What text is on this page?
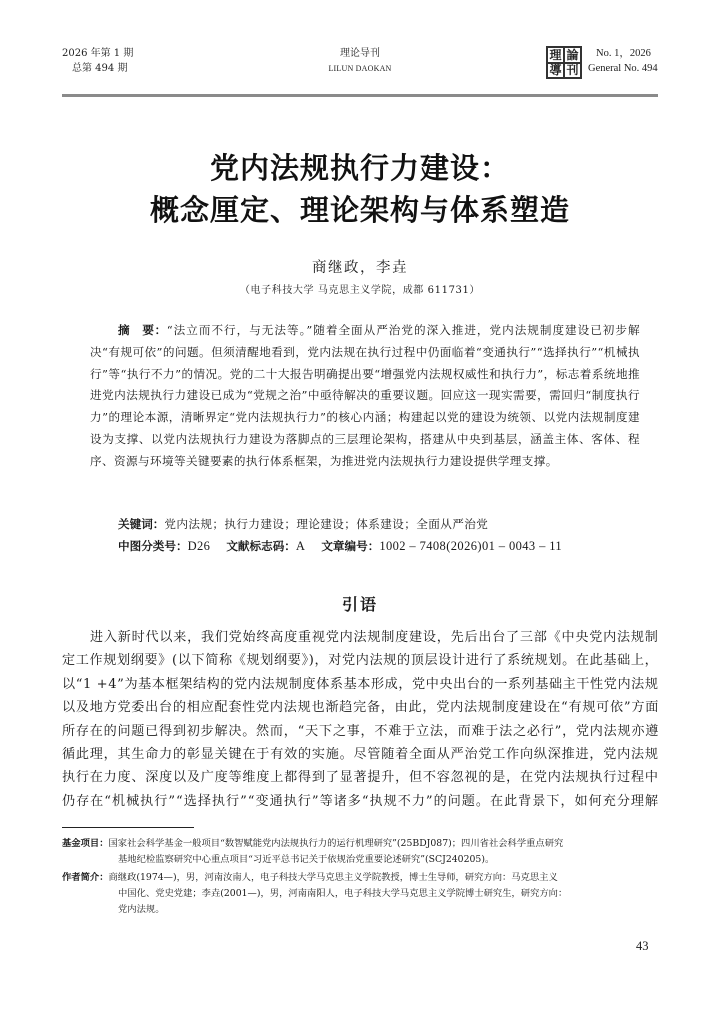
2026 年第 1 期
总第 494 期
理论导刊
LILUN DAOKAN
理 論
導 刊
No. 1，2026
General No. 494
党内法规执行力建设：
概念厘定、理论架构与体系塑造
商继政，李垚
（电子科技大学 马克思主义学院，成都 611731）

摘　要：“法立而不行，与无法等。”随着全面从严治党的深入推进，党内法规制度建设已初步解决“有规可依”的问题。但须清醒地看到，党内法规在执行过程中仍面临着“变通执行”“选择执行”“机械执行”等“执行不力”的情况。党的二十大报告明确提出要“增强党内法规权威性和执行力”，标志着系统地推进党内法规执行力建设已成为“党规之治”中亟待解决的重要议题。回应这一现实需要，需回归“制度执行力”的理论本源，清晰界定“党内法规执行力”的核心内涵；构建起以党的建设为统领、以党内法规制度建设为支撑、以党内法规执行力建设为落脚点的三层理论架构，搭建从中央到基层，涵盖主体、客体、程序、资源与环境等关键要素的执行体系框架，为推进党内法规执行力建设提供学理支撑。

关键词：党内法规；执行力建设；理论建设；体系建设；全面从严治党
中图分类号：D26 文献标志码：A 文章编号：1002 – 7408(2026)01 – 0043 – 11
引语
进入新时代以来，我们党始终高度重视党内法规制度建设，先后出台了三部《中央党内法规制
定工作规划纲要》(以下简称《规划纲要》)，对党内法规的顶层设计进行了系统规划。在此基础上，
以“1 +4”为基本框架结构的党内法规制度体系基本形成，党中央出台的一系列基础主干性党内法规
以及地方党委出台的相应配套性党内法规也渐趋完备，由此，党内法规制度建设在“有规可依”方面
所存在的问题已得到初步解决。然而，“天下之事，不难于立法，而难于法之必行”，党内法规亦遵
循此理，其生命力的彰显关键在于有效的实施。尽管随着全面从严治党工作向纵深推进，党内法规
执行在力度、深度以及广度等维度上都得到了显著提升，但不容忽视的是，在党内法规执行过程中
仍存在“机械执行”“选择执行”“变通执行”等诸多“执规不力”的问题。在此背景下，如何充分理解
基金项目：国家社会科学基金一般项目“数智赋能党内法规执行力的运行机理研究”(25BDJ087)；四川省社会科学重点研究
基地纪检监察研究中心重点项目“习近平总书记关于依规治党重要论述研究”(SCJ240205)。
作者简介：商继政(1974—)，男，河南汝南人，电子科技大学马克思主义学院教授，博士生导师，研究方向：马克思主义
中国化、党史党建；李垚(2001—)，男，河南南阳人，电子科技大学马克思主义学院博士研究生，研究方向：
党内法规。
43
